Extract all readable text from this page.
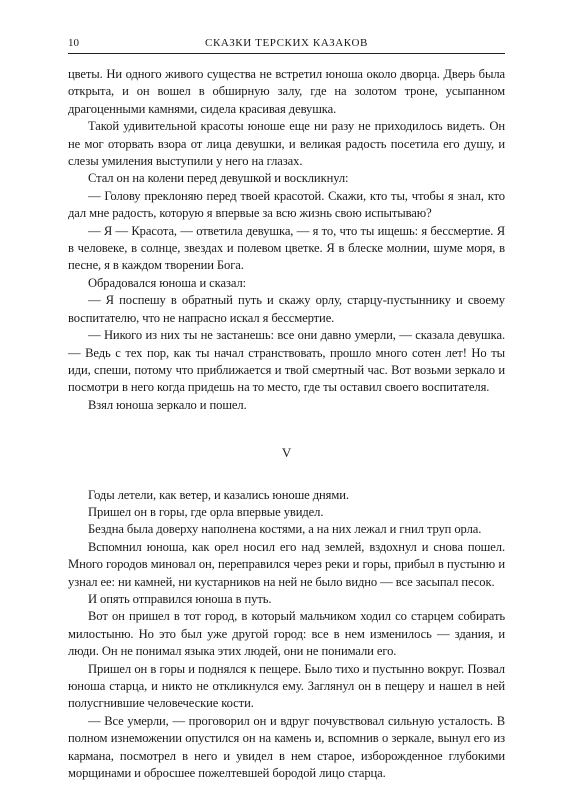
10	СКАЗКИ ТЕРСКИХ КАЗАКОВ

цветы. Ни одного живого существа не встретил юноша около дворца. Дверь была открыта, и он вошел в обширную залу, где на золотом троне, усыпанном драгоценными камнями, сидела красивая девушка.

Такой удивительной красоты юноше еще ни разу не приходилось видеть. Он не мог оторвать взора от лица девушки, и великая радость посетила его душу, и слезы умиления выступили у него на глазах.

Стал он на колени перед девушкой и воскликнул:

— Голову преклоняю перед твоей красотой. Скажи, кто ты, чтобы я знал, кто дал мне радость, которую я впервые за всю жизнь свою испытываю?

— Я — Красота, — ответила девушка, — я то, что ты ищешь: я бессмертие. Я в человеке, в солнце, звездах и полевом цветке. Я в блеске молнии, шуме моря, в песне, я в каждом творении Бога.

Обрадовался юноша и сказал:

— Я поспешу в обратный путь и скажу орлу, старцу-пустыннику и своему воспитателю, что не напрасно искал я бессмертие.

— Никого из них ты не застанешь: все они давно умерли, — сказала девушка. — Ведь с тех пор, как ты начал странствовать, прошло много сотен лет! Но ты иди, спеши, потому что приближается и твой смертный час. Вот возьми зеркало и посмотри в него когда придешь на то место, где ты оставил своего воспитателя.

Взял юноша зеркало и пошел.

V

Годы летели, как ветер, и казались юноше днями.

Пришел он в горы, где орла впервые увидел.

Бездна была доверху наполнена костями, а на них лежал и гнил труп орла.

Вспомнил юноша, как орел носил его над землей, вздохнул и снова пошел. Много городов миновал он, переправился через реки и горы, прибыл в пустыню и узнал ее: ни камней, ни кустарников на ней не было видно — все засыпал песок.

И опять отправился юноша в путь.

Вот он пришел в тот город, в который мальчиком ходил со старцем собирать милостыню. Но это был уже другой город: все в нем изменилось — здания, и люди. Он не понимал языка этих людей, они не понимали его.

Пришел он в горы и поднялся к пещере. Было тихо и пустынно вокруг. Позвал юноша старца, и никто не откликнулся ему. Заглянул он в пещеру и нашел в ней полусгнившие человеческие кости.

— Все умерли, — проговорил он и вдруг почувствовал сильную усталость. В полном изнеможении опустился он на камень и, вспомнив о зеркале, вынул его из кармана, посмотрел в него и увидел в нем старое, изборожденное глубокими морщинами и обросшее пожелтевшей бородой лицо старца.
